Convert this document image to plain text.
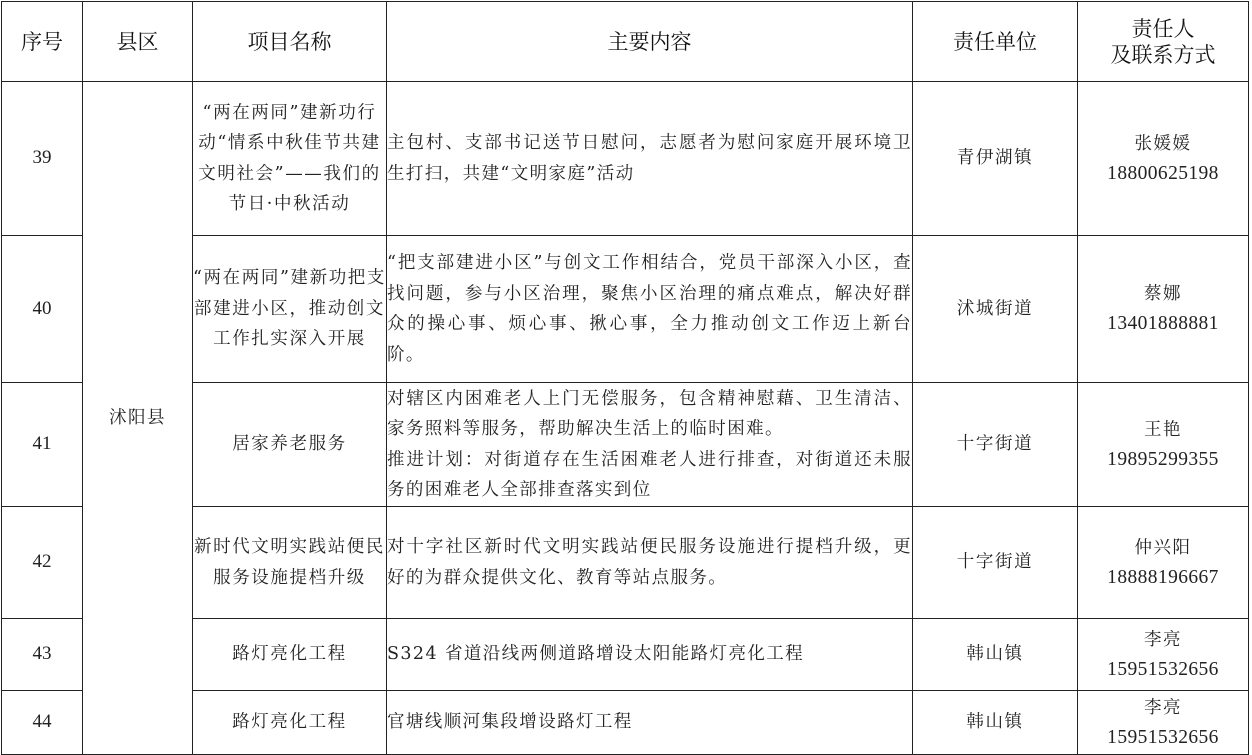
序号	县区	项目名称	主要内容	责任单位	责任人
及联系方式

39	沭阳县	“两在两同”建新功行动“情系中秋佳节共建文明社会”——我们的节日·中秋活动	主包村、支部书记送节日慰问，志愿者为慰问家庭开展环境卫生打扫，共建“文明家庭”活动	青伊湖镇	张媛媛
18800625198

40		“两在两同”建新功把支部建进小区，推动创文工作扎实深入开展	“把支部建进小区”与创文工作相结合，党员干部深入小区，查找问题，参与小区治理，聚焦小区治理的痛点难点，解决好群众的操心事、烦心事、揪心事，全力推动创文工作迈上新台阶。	沭城街道	蔡娜
13401888881

41		居家养老服务	对辖区内困难老人上门无偿服务，包含精神慰藉、卫生清洁、家务照料等服务，帮助解决生活上的临时困难。
推进计划：对街道存在生活困难老人进行排查，对街道还未服务的困难老人全部排查落实到位	十字街道	王艳
19895299355

42		新时代文明实践站便民服务设施提档升级	对十字社区新时代文明实践站便民服务设施进行提档升级，更好的为群众提供文化、教育等站点服务。	十字街道	仲兴阳
18888196667

43		路灯亮化工程	S324 省道沿线两侧道路增设太阳能路灯亮化工程	韩山镇	李亮
15951532656

44		路灯亮化工程	官塘线顺河集段增设路灯工程	韩山镇	李亮
15951532656
